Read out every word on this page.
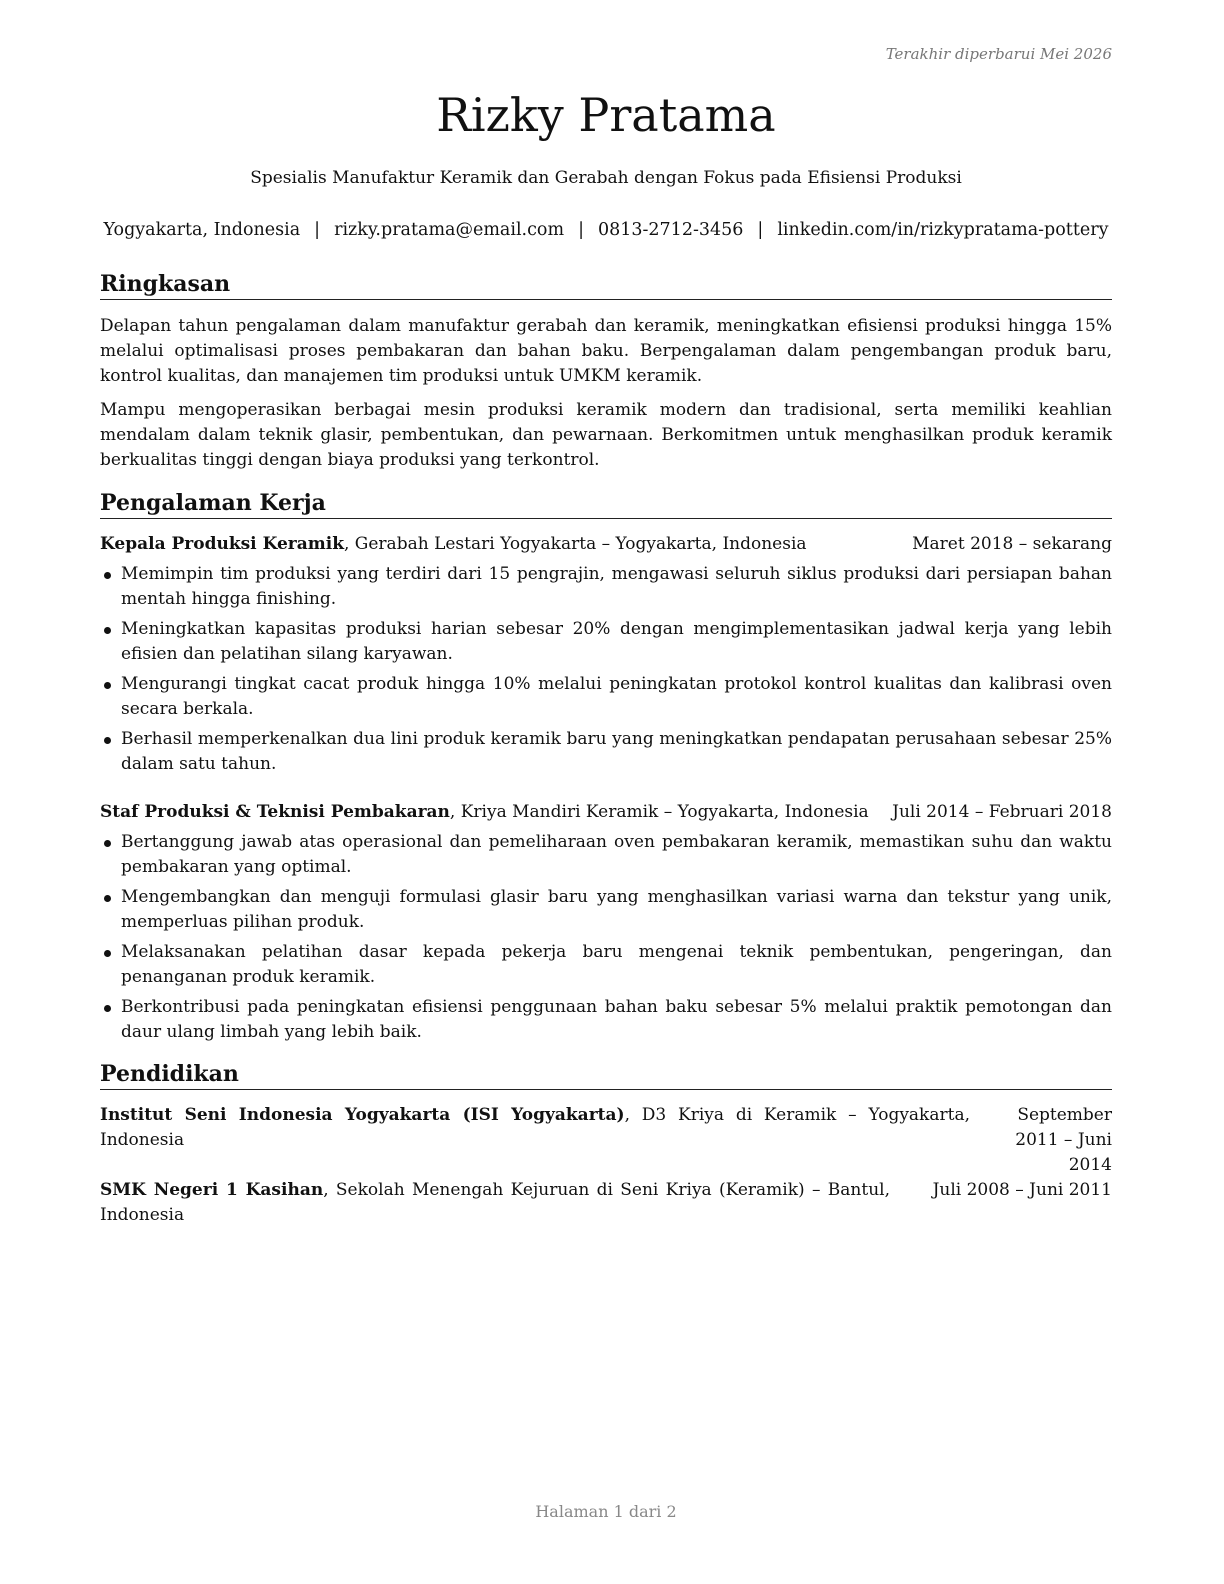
Terakhir diperbarui Mei 2026
Rizky Pratama
Spesialis Manufaktur Keramik dan Gerabah dengan Fokus pada Efisiensi Produksi
Yogyakarta, Indonesia | rizky.pratama@email.com | 0813-2712-3456 | linkedin.com/in/rizkypratama-pottery
Ringkasan

Delapan tahun pengalaman dalam manufaktur gerabah dan keramik, meningkatkan efisiensi produksi hingga 15% melalui optimalisasi proses pembakaran dan bahan baku. Berpengalaman dalam pengembangan produk baru, kontrol kualitas, dan manajemen tim produksi untuk UMKM keramik.

Mampu mengoperasikan berbagai mesin produksi keramik modern dan tradisional, serta memiliki keahlian mendalam dalam teknik glasir, pembentukan, dan pewarnaan. Berkomitmen untuk menghasilkan produk keramik berkualitas tinggi dengan biaya produksi yang terkontrol.

Pengalaman Kerja
Kepala Produksi Keramik, Gerabah Lestari Yogyakarta – Yogyakarta, Indonesia	Maret 2018 – sekarang
Memimpin tim produksi yang terdiri dari 15 pengrajin, mengawasi seluruh siklus produksi dari persiapan bahan mentah hingga finishing.
Meningkatkan kapasitas produksi harian sebesar 20% dengan mengimplementasikan jadwal kerja yang lebih efisien dan pelatihan silang karyawan.
Mengurangi tingkat cacat produk hingga 10% melalui peningkatan protokol kontrol kualitas dan kalibrasi oven secara berkala.
Berhasil memperkenalkan dua lini produk keramik baru yang meningkatkan pendapatan perusahaan sebesar 25% dalam satu tahun.
Staf Produksi & Teknisi Pembakaran, Kriya Mandiri Keramik – Yogyakarta, Indonesia Juli 2014 – Februari 2018
Bertanggung jawab atas operasional dan pemeliharaan oven pembakaran keramik, memastikan suhu dan waktu pembakaran yang optimal.
Mengembangkan dan menguji formulasi glasir baru yang menghasilkan variasi warna dan tekstur yang unik, memperluas pilihan produk.
Melaksanakan pelatihan dasar kepada pekerja baru mengenai teknik pembentukan, pengeringan, dan penanganan produk keramik.
Berkontribusi pada peningkatan efisiensi penggunaan bahan baku sebesar 5% melalui praktik pemotongan dan daur ulang limbah yang lebih baik.
Pendidikan
Institut Seni Indonesia Yogyakarta (ISI Yogyakarta), D3 Kriya di Keramik – Yogyakarta, Indonesia
September 2011 – Juni 2014
SMK Negeri 1 Kasihan, Sekolah Menengah Kejuruan di Seni Kriya (Keramik) – Bantul, Indonesia
Juli 2008 – Juni 2011
Halaman 1 dari 2
